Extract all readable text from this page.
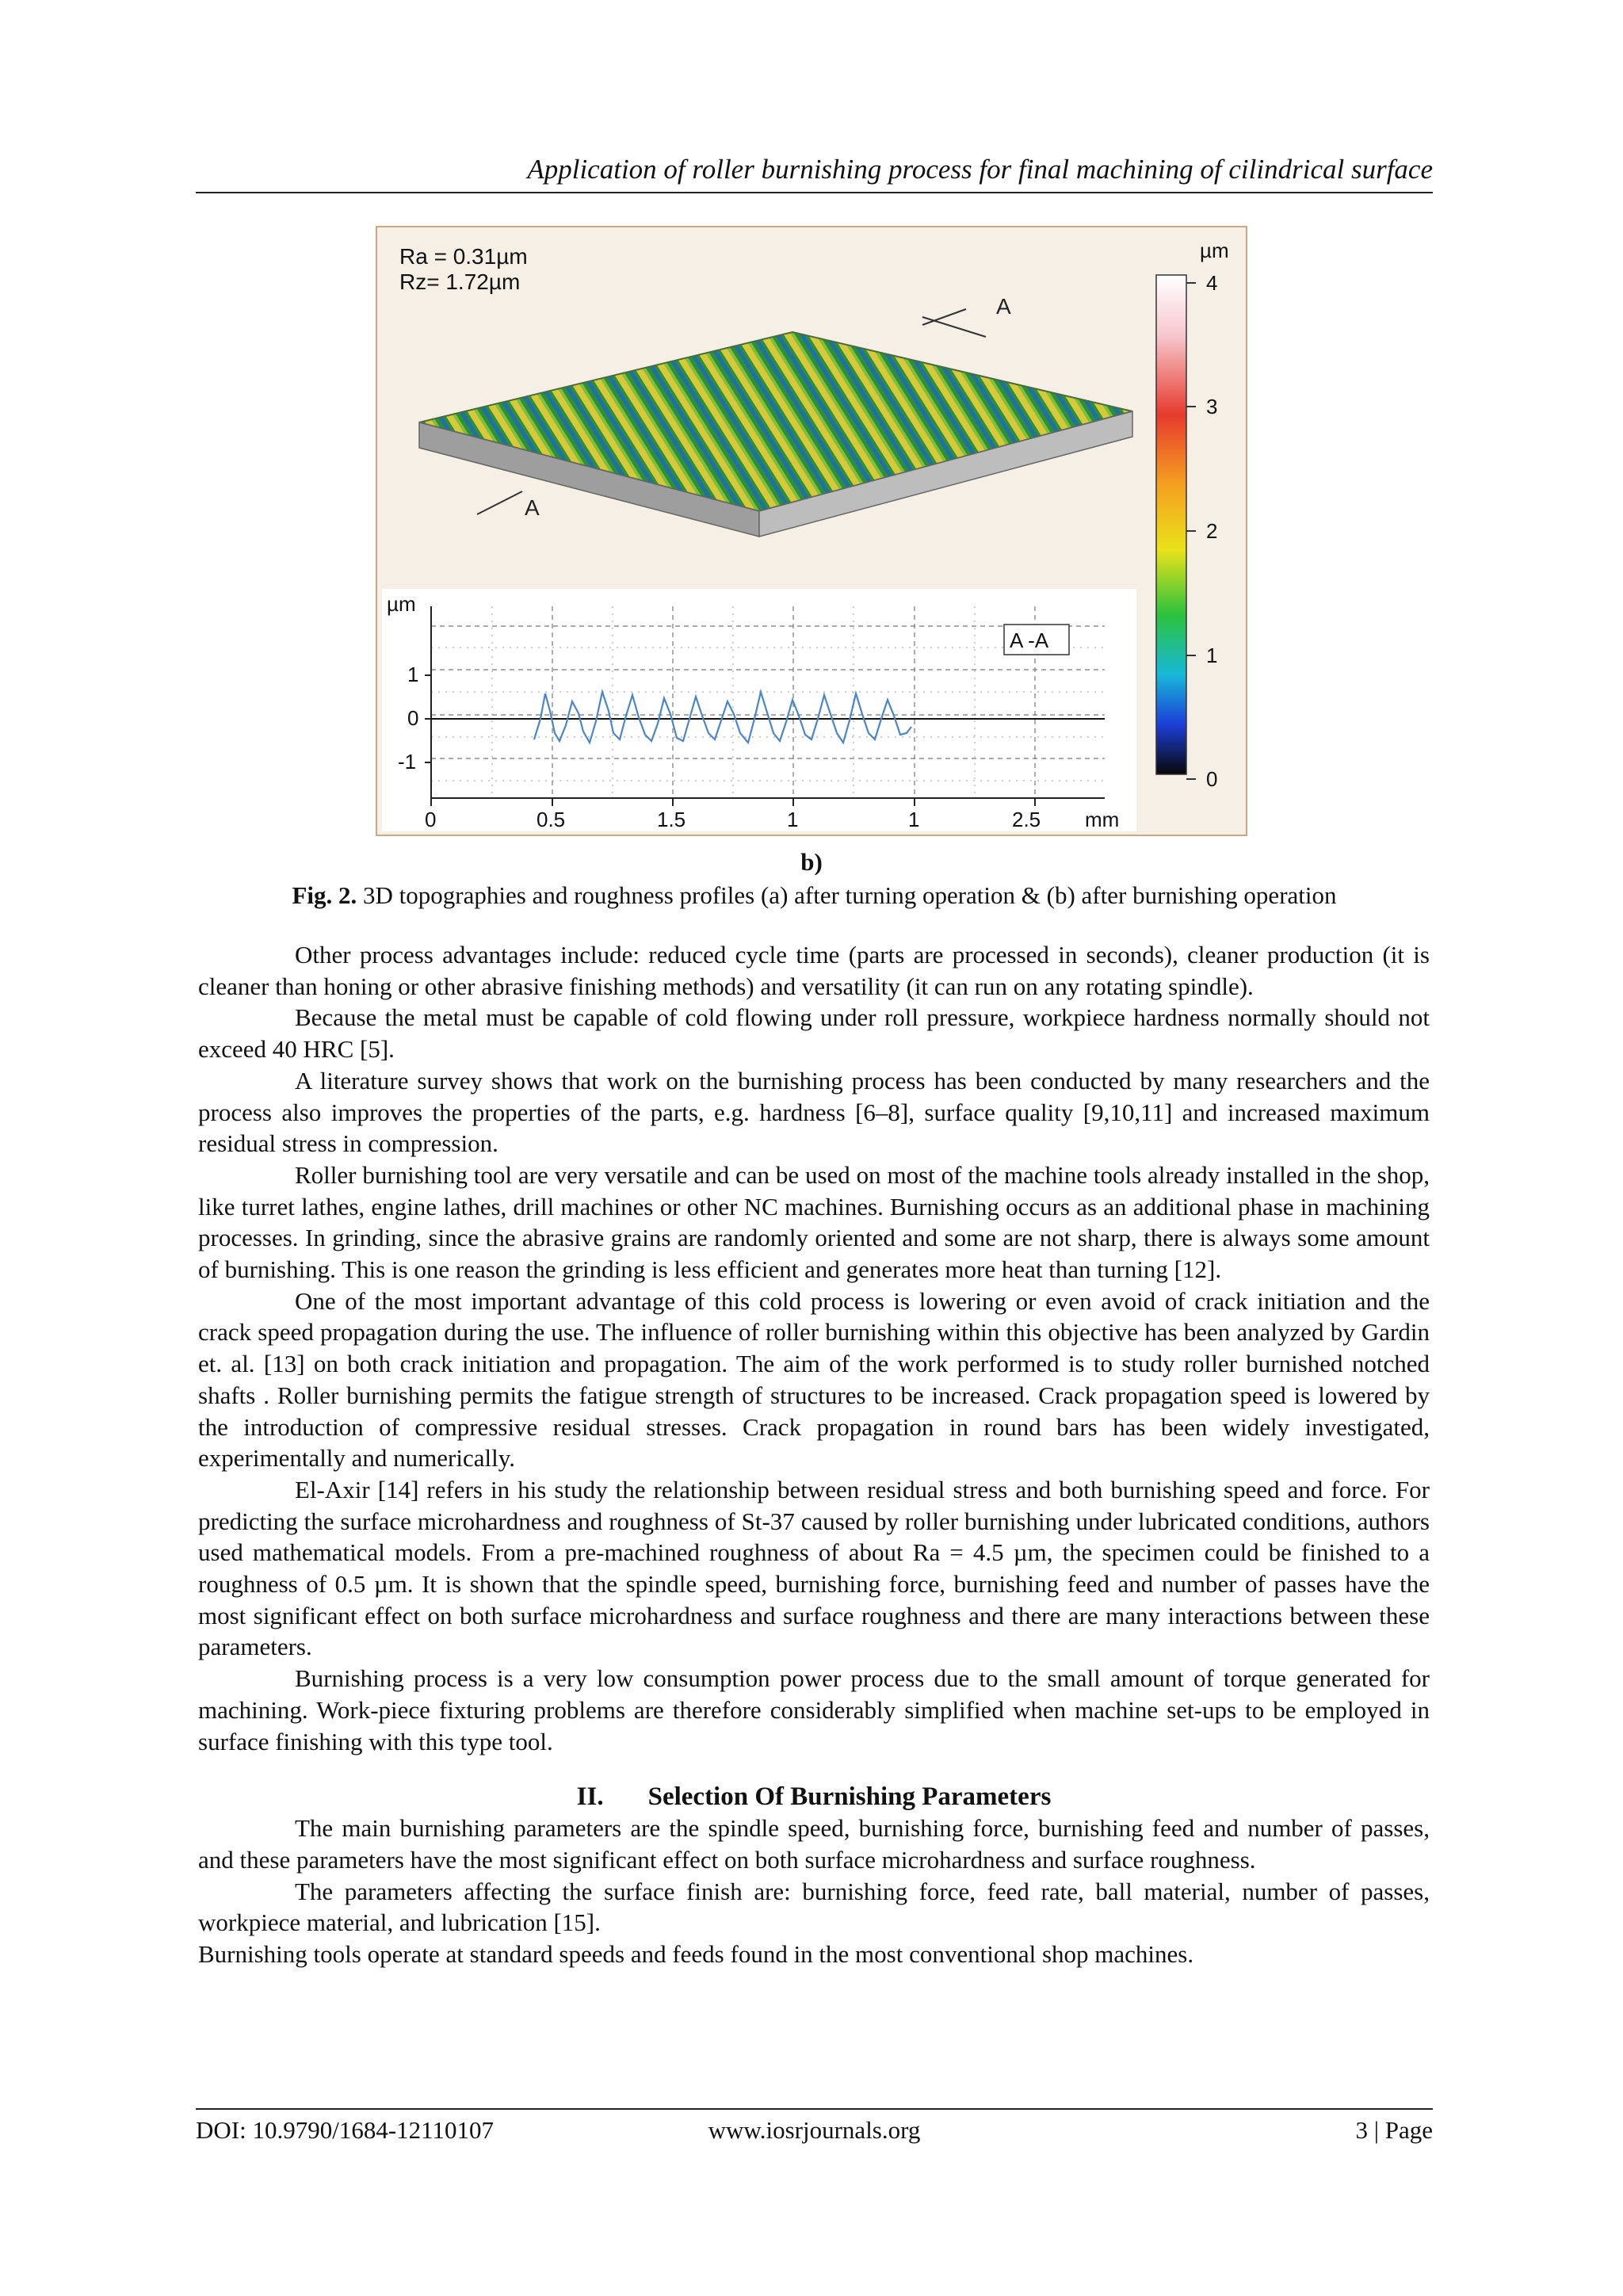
Application of roller burnishing process for final machining of cilindrical surface
A
A
Ra = 0.31µm
Rz= 1.72µm
µm
4
3
2
1
0
A -A
µm
1
0
-1
0	0.5	1.5	1	1	2.5 mm
b)
Fig. 2. 3D topographies and roughness profiles (a) after turning operation & (b) after burnishing operation

Other process advantages include: reduced cycle time (parts are processed in seconds), cleaner production (it is cleaner than honing or other abrasive finishing methods) and versatility (it can run on any rotating spindle).

Because the metal must be capable of cold flowing under roll pressure, workpiece hardness normally should not exceed 40 HRC [5].

A literature survey shows that work on the burnishing process has been conducted by many researchers and the process also improves the properties of the parts, e.g. hardness [6–8], surface quality [9,10,11] and increased maximum residual stress in compression.

Roller burnishing tool are very versatile and can be used on most of the machine tools already installed in the shop, like turret lathes, engine lathes, drill machines or other NC machines. Burnishing occurs as an additional phase in machining processes. In grinding, since the abrasive grains are randomly oriented and some are not sharp, there is always some amount of burnishing. This is one reason the grinding is less efficient and generates more heat than turning [12].

One of the most important advantage of this cold process is lowering or even avoid of crack initiation and the crack speed propagation during the use. The influence of roller burnishing within this objective has been analyzed by Gardin et. al. [13] on both crack initiation and propagation. The aim of the work performed is to study roller burnished notched shafts . Roller burnishing permits the fatigue strength of structures to be increased. Crack propagation speed is lowered by the introduction of compressive residual stresses. Crack propagation in round bars has been widely investigated, experimentally and numerically.

El-Axir [14] refers in his study the relationship between residual stress and both burnishing speed and force. For predicting the surface microhardness and roughness of St-37 caused by roller burnishing under lubricated conditions, authors used mathematical models. From a pre-machined roughness of about Ra = 4.5 µm, the specimen could be finished to a roughness of 0.5 µm. It is shown that the spindle speed, burnishing force, burnishing feed and number of passes have the most significant effect on both surface microhardness and surface roughness and there are many interactions between these parameters.

Burnishing process is a very low consumption power process due to the small amount of torque generated for machining. Work-piece fixturing problems are therefore considerably simplified when machine set-ups to be employed in surface finishing with this type tool.

II. Selection Of Burnishing Parameters

The main burnishing parameters are the spindle speed, burnishing force, burnishing feed and number of passes, and these parameters have the most significant effect on both surface microhardness and surface roughness.

The parameters affecting the surface finish are: burnishing force, feed rate, ball material, number of passes, workpiece material, and lubrication [15].

Burnishing tools operate at standard speeds and feeds found in the most conventional shop machines.

DOI: 10.9790/1684-12110107	www.iosrjournals.org	3 | Page
